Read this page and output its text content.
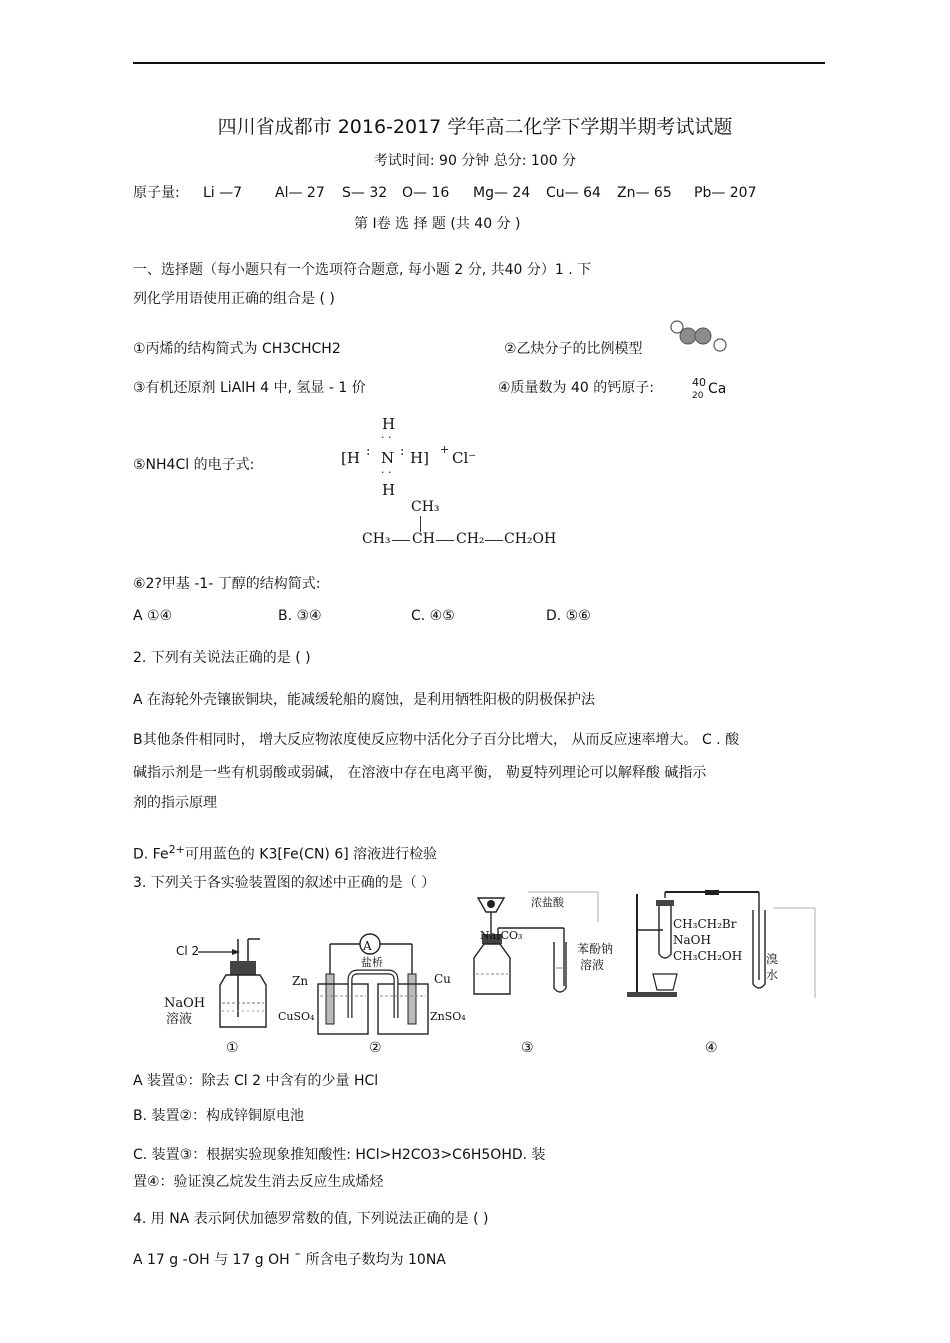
四川省成都市 2016-2017 学年高二化学下学期半期考试试题
考试时间: 90 分钟 总分: 100 分
原子量: Li —7 Al— 27 S— 32 O— 16 Mg— 24 Cu— 64 Zn— 65 Pb— 207
第 Ⅰ卷 选 择 题 (共 40 分 )
一、选择题（每小题只有一个选项符合题意, 每小题 2 分, 共40 分）1 . 下
列化学用语使用正确的组合是 ( )
①丙烯的结构简式为 CH3CHCH2	②乙炔分子的比例模型
③有机还原剂 LiAlH 4 中, 氢显 - 1 价	④质量数为 40 的钙原子:	40
20 Ca
⑤NH4Cl 的电子式:
H
· ·
[H : N : H] + Cl⁻
· ·
H
CH₃
CH₃ CH CH₂ CH₂OH
⑥2?甲基 -1- 丁醇的结构简式:
A ①④	B. ③④	C. ④⑤	D. ⑤⑥
2. 下列有关说法正确的是 ( )
A 在海轮外壳镶嵌铜块，能减缓轮船的腐蚀，是利用牺牲阳极的阴极保护法
B其他条件相同时， 增大反应物浓度使反应物中活化分子百分比增大， 从而反应速率增大。 C . 酸
碱指示剂是一些有机弱酸或弱碱， 在溶液中存在电离平衡， 勒夏特列理论可以解释酸 碱指示
剂的指示原理
D. $Fe^{2+}$可用蓝色的 K3[Fe(CN) 6] 溶液进行检验
3. 下列关于各实验装置图的叙述中正确的是（ ）
Cl 2
NaOH
溶液
①
A
盐桥
Zn	Cu
CuSO₄	ZnSO₄
②
浓盐酸
Na₂CO₃
苯酚钠
溶液
③
CH₃CH₂Br
NaOH
CH₃CH₂OH 溴
水
④
A 装置①：除去 Cl 2 中含有的少量 HCl
B. 装置②：构成锌铜原电池
C. 装置③：根据实验现象推知酸性: HCl>H2CO3>C6H5OHD. 装
置④：验证溴乙烷发生消去反应生成烯烃
4. 用 NA 表示阿伏加德罗常数的值, 下列说法正确的是 ( )
A 17 g -OH 与 17 g OH ¯ 所含电子数均为 10NA
